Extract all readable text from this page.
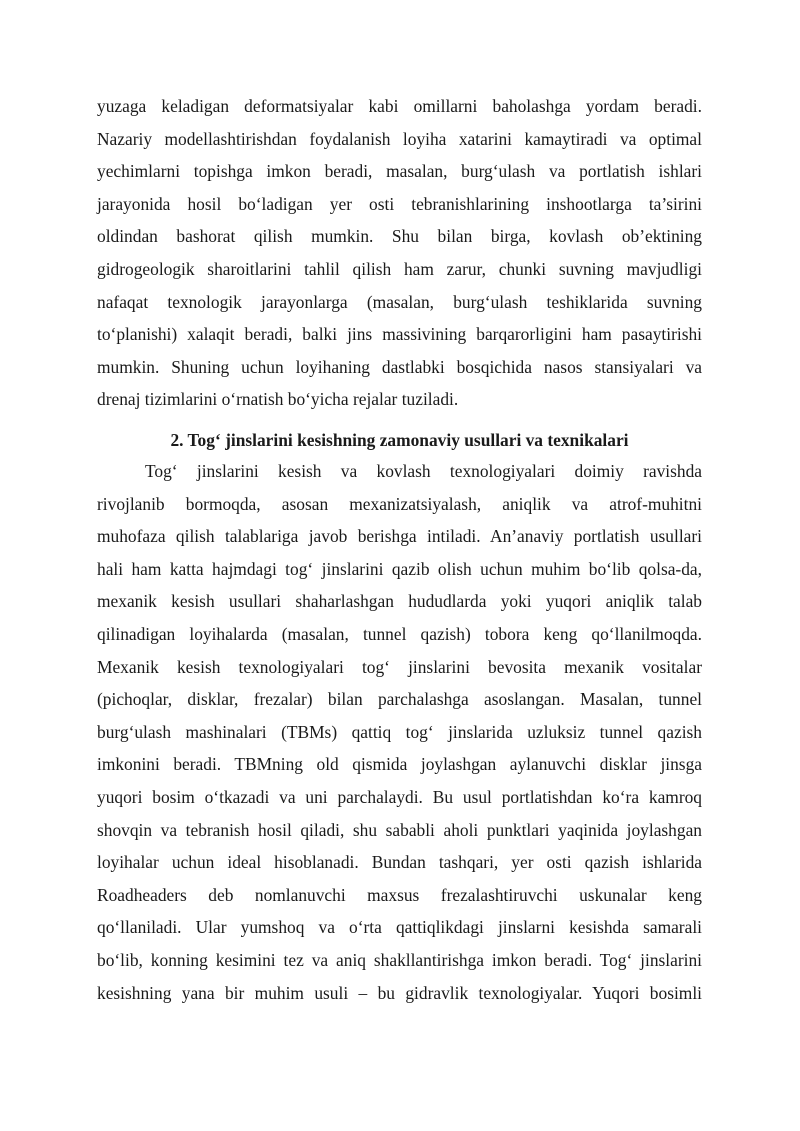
yuzaga keladigan deformatsiyalar kabi omillarni baholashga yordam beradi.
Nazariy modellashtirishdan foydalanish loyiha xatarini kamaytiradi va optimal
yechimlarni topishga imkon beradi, masalan, burg‘ulash va portlatish ishlari
jarayonida hosil bo‘ladigan yer osti tebranishlarining inshootlarga ta’sirini
oldindan bashorat qilish mumkin. Shu bilan birga, kovlash ob’ektining
gidrogeologik sharoitlarini tahlil qilish ham zarur, chunki suvning mavjudligi
nafaqat texnologik jarayonlarga (masalan, burg‘ulash teshiklarida suvning
to‘planishi) xalaqit beradi, balki jins massivining barqarorligini ham pasaytirishi
mumkin. Shuning uchun loyihaning dastlabki bosqichida nasos stansiyalari va
drenaj tizimlarini o‘rnatish bo‘yicha rejalar tuziladi.
2. Tog‘ jinslarini kesishning zamonaviy usullari va texnikalari
Tog‘ jinslarini kesish va kovlash texnologiyalari doimiy ravishda
rivojlanib bormoqda, asosan mexanizatsiyalash, aniqlik va atrof-muhitni
muhofaza qilish talablariga javob berishga intiladi. An’anaviy portlatish usullari
hali ham katta hajmdagi tog‘ jinslarini qazib olish uchun muhim bo‘lib qolsa-da,
mexanik kesish usullari shaharlashgan hududlarda yoki yuqori aniqlik talab
qilinadigan loyihalarda (masalan, tunnel qazish) tobora keng qo‘llanilmoqda.
Mexanik kesish texnologiyalari tog‘ jinslarini bevosita mexanik vositalar
(pichoqlar, disklar, frezalar) bilan parchalashga asoslangan. Masalan, tunnel
burg‘ulash mashinalari (TBMs) qattiq tog‘ jinslarida uzluksiz tunnel qazish
imkonini beradi. TBMning old qismida joylashgan aylanuvchi disklar jinsga
yuqori bosim o‘tkazadi va uni parchalaydi. Bu usul portlatishdan ko‘ra kamroq
shovqin va tebranish hosil qiladi, shu sababli aholi punktlari yaqinida joylashgan
loyihalar uchun ideal hisoblanadi. Bundan tashqari, yer osti qazish ishlarida
Roadheaders deb nomlanuvchi maxsus frezalashtiruvchi uskunalar keng
qo‘llaniladi. Ular yumshoq va o‘rta qattiqlikdagi jinslarni kesishda samarali
bo‘lib, konning kesimini tez va aniq shakllantirishga imkon beradi. Tog‘ jinslarini
kesishning yana bir muhim usuli – bu gidravlik texnologiyalar. Yuqori bosimli
